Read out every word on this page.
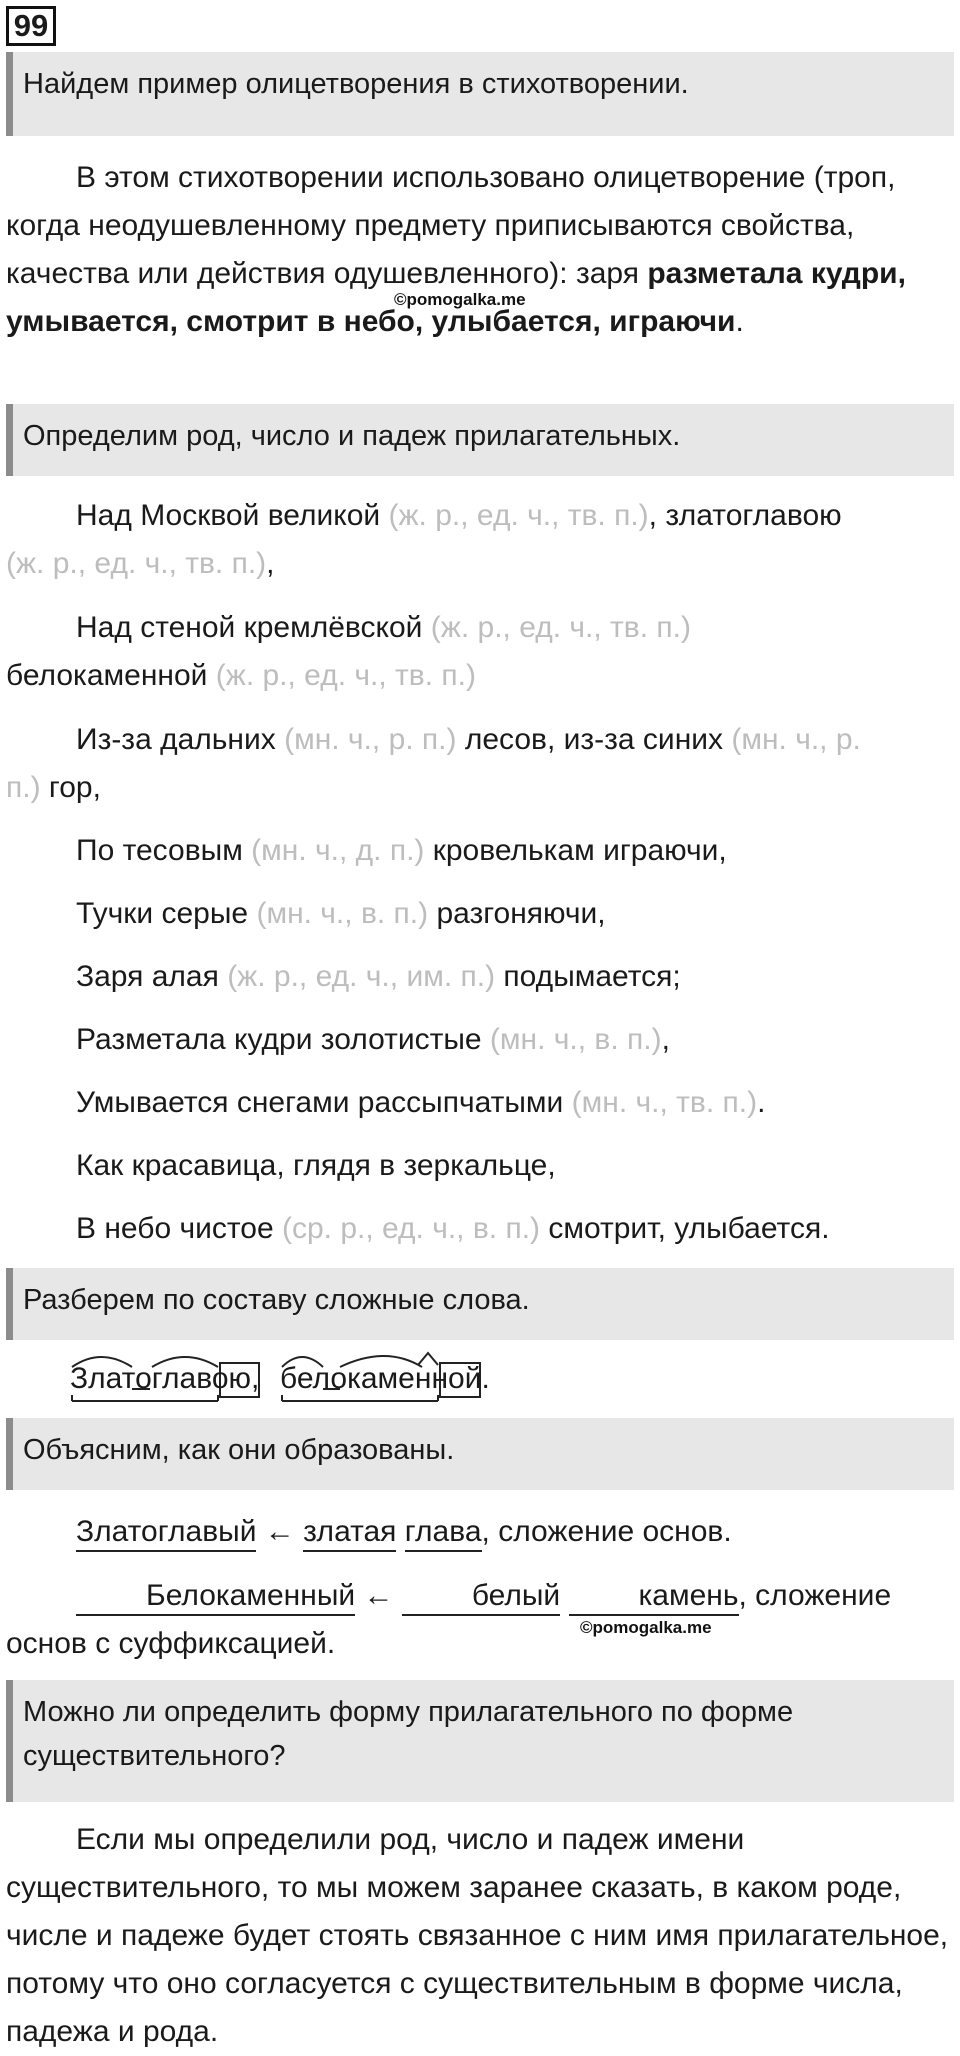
99
Найдем пример олицетворения в стихотворении.
В этом стихотворении использовано олицетворение (троп, когда неодушевленному предмету приписываются свойства, качества или действия одушевленного): заря разметала кудри, умывается, смотрит в небо, улыбается, играючи.
©pomogalka.me
Определим род, число и падеж прилагательных.
Над Москвой великой (ж. р., ед. ч., тв. п.), златоглавою
(ж. р., ед. ч., тв. п.),
Над стеной кремлёвской (ж. р., ед. ч., тв. п.)
белокаменной (ж. р., ед. ч., тв. п.)
Из-за дальних (мн. ч., р. п.) лесов, из-за синих (мн. ч., р.
п.) гор,
По тесовым (мн. ч., д. п.) кровелькам играючи,
Тучки серые (мн. ч., в. п.) разгоняючи,
Заря алая (ж. р., ед. ч., им. п.) подымается;
Разметала кудри золотистые (мн. ч., в. п.),
Умывается снегами рассыпчатыми (мн. ч., тв. п.).
Как красавица, глядя в зеркальце,
В небо чистое (ср. р., ед. ч., в. п.) смотрит, улыбается.
Разберем по составу сложные слова.
Златоглавою, белокаменной.
Объясним, как они образованы.
Златоглавый
← златая глава
, сложение основ.
Белокаменный
← белый	камень
, сложение основ с суффиксацией.	©pomogalka.me
Можно ли определить форму прилагательного по форме существительного?
Если мы определили род, число и падеж имени существительного, то мы можем заранее сказать, в каком роде, числе и падеже будет стоять связанное с ним имя прилагательное, потому что оно согласуется с существительным в форме числа, падежа и рода.
